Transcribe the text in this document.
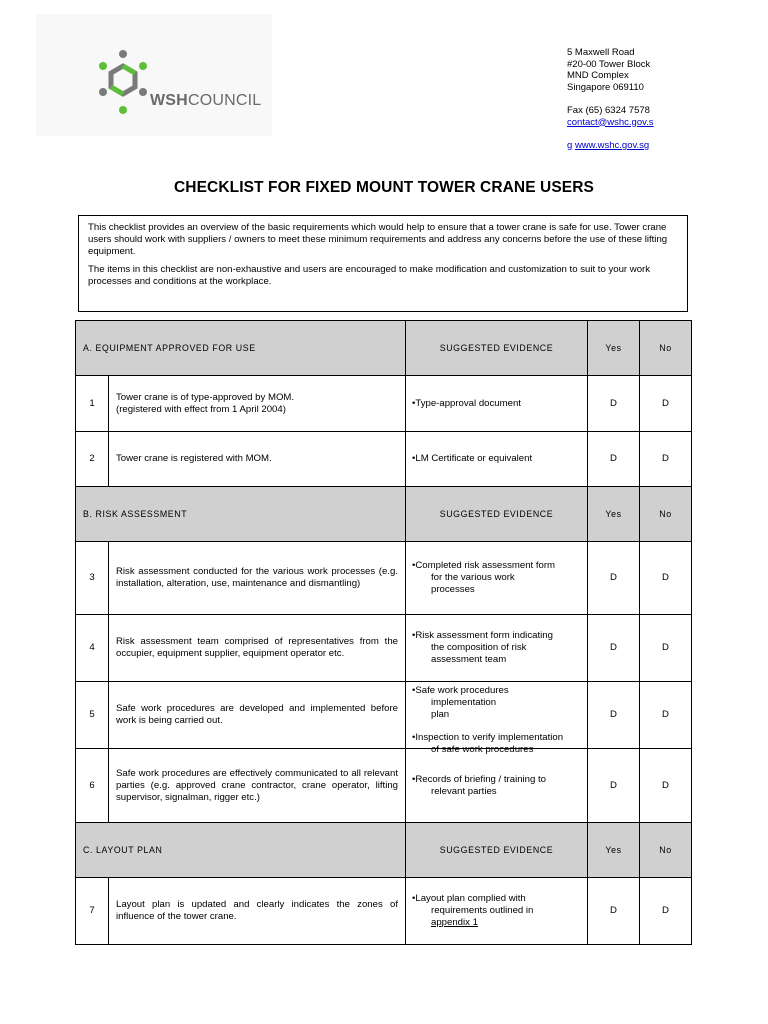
WSHCOUNCIL
5 Maxwell Road
#20-00 Tower Block
MND Complex
Singapore 069110
Fax (65) 6324 7578
contact@wshc.gov.s
g www.wshc.gov.sg
CHECKLIST FOR FIXED MOUNT TOWER CRANE USERS

This checklist provides an overview of the basic requirements which would help to ensure that a tower crane is safe for use. Tower crane users should work with suppliers / owners to meet these minimum requirements and address any concerns before the use of these lifting equipment.

The items in this checklist are non-exhaustive and users are encouraged to make modification and customization to suit to your work processes and conditions at the workplace.

A. EQUIPMENT APPROVED FOR USE		SUGGESTED EVIDENCE	Yes	No
1	Tower crane is of type-approved by MOM.
(registered with effect from 1 April 2004)	•Type-approval document	D	D
2	Tower crane is registered with MOM.	•LM Certificate or equivalent	D	D
B. RISK ASSESSMENT		SUGGESTED EVIDENCE	Yes	No
3	Risk assessment conducted for the various work processes (e.g. installation, alteration, use, maintenance and dismantling)	•Completed risk assessment form
for the various work
processes	D	D
4	Risk assessment team comprised of representatives from the occupier, equipment supplier, equipment operator etc.	•Risk assessment form indicating
the composition of risk
assessment team	D	D
5	Safe work procedures are developed and implemented before work is being carried out.	•Safe work procedures
implementation
plan
•Inspection to verify implementation
of safe work procedures	D	D
6	Safe work procedures are effectively communicated to all relevant parties (e.g. approved crane contractor, crane operator, lifting supervisor, signalman, rigger etc.)	•Records of briefing / training to
relevant parties	D	D
C. LAYOUT PLAN		SUGGESTED EVIDENCE	Yes	No
7	Layout plan is updated and clearly indicates the zones of influence of the tower crane.	•Layout plan complied with
requirements outlined in
appendix 1	D	D
